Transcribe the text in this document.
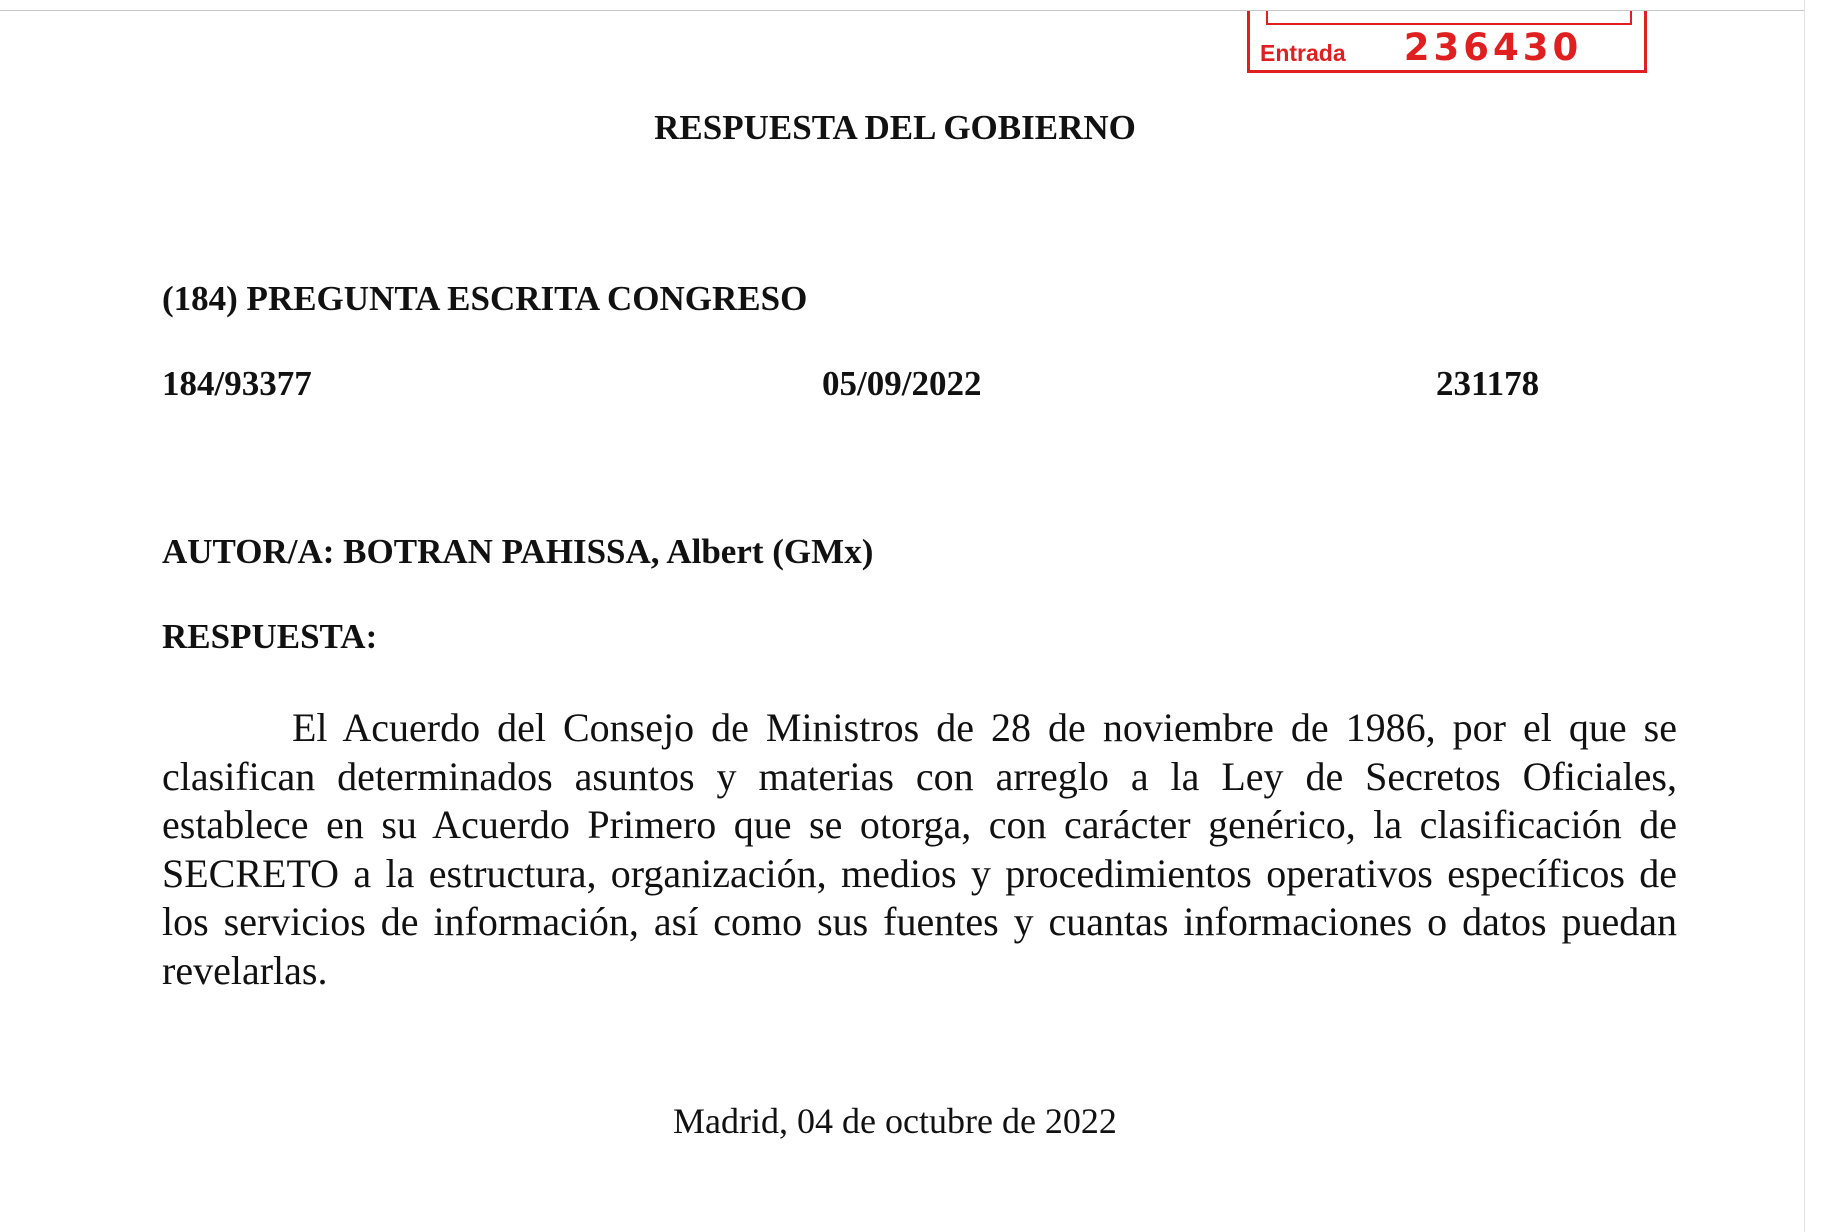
Entrada	236430
RESPUESTA DEL GOBIERNO
(184) PREGUNTA ESCRITA CONGRESO
184/93377	05/09/2022	231178
AUTOR/A: BOTRAN PAHISSA, Albert (GMx)
RESPUESTA:

El Acuerdo del Consejo de Ministros de 28 de noviembre de 1986, por el que se clasifican determinados asuntos y materias con arreglo a la Ley de Secretos Oficiales, establece en su Acuerdo Primero que se otorga, con carácter genérico, la clasificación de SECRETO a la estructura, organización, medios y procedimientos operativos específicos de los servicios de información, así como sus fuentes y cuantas informaciones o datos puedan revelarlas.

Madrid, 04 de octubre de 2022
